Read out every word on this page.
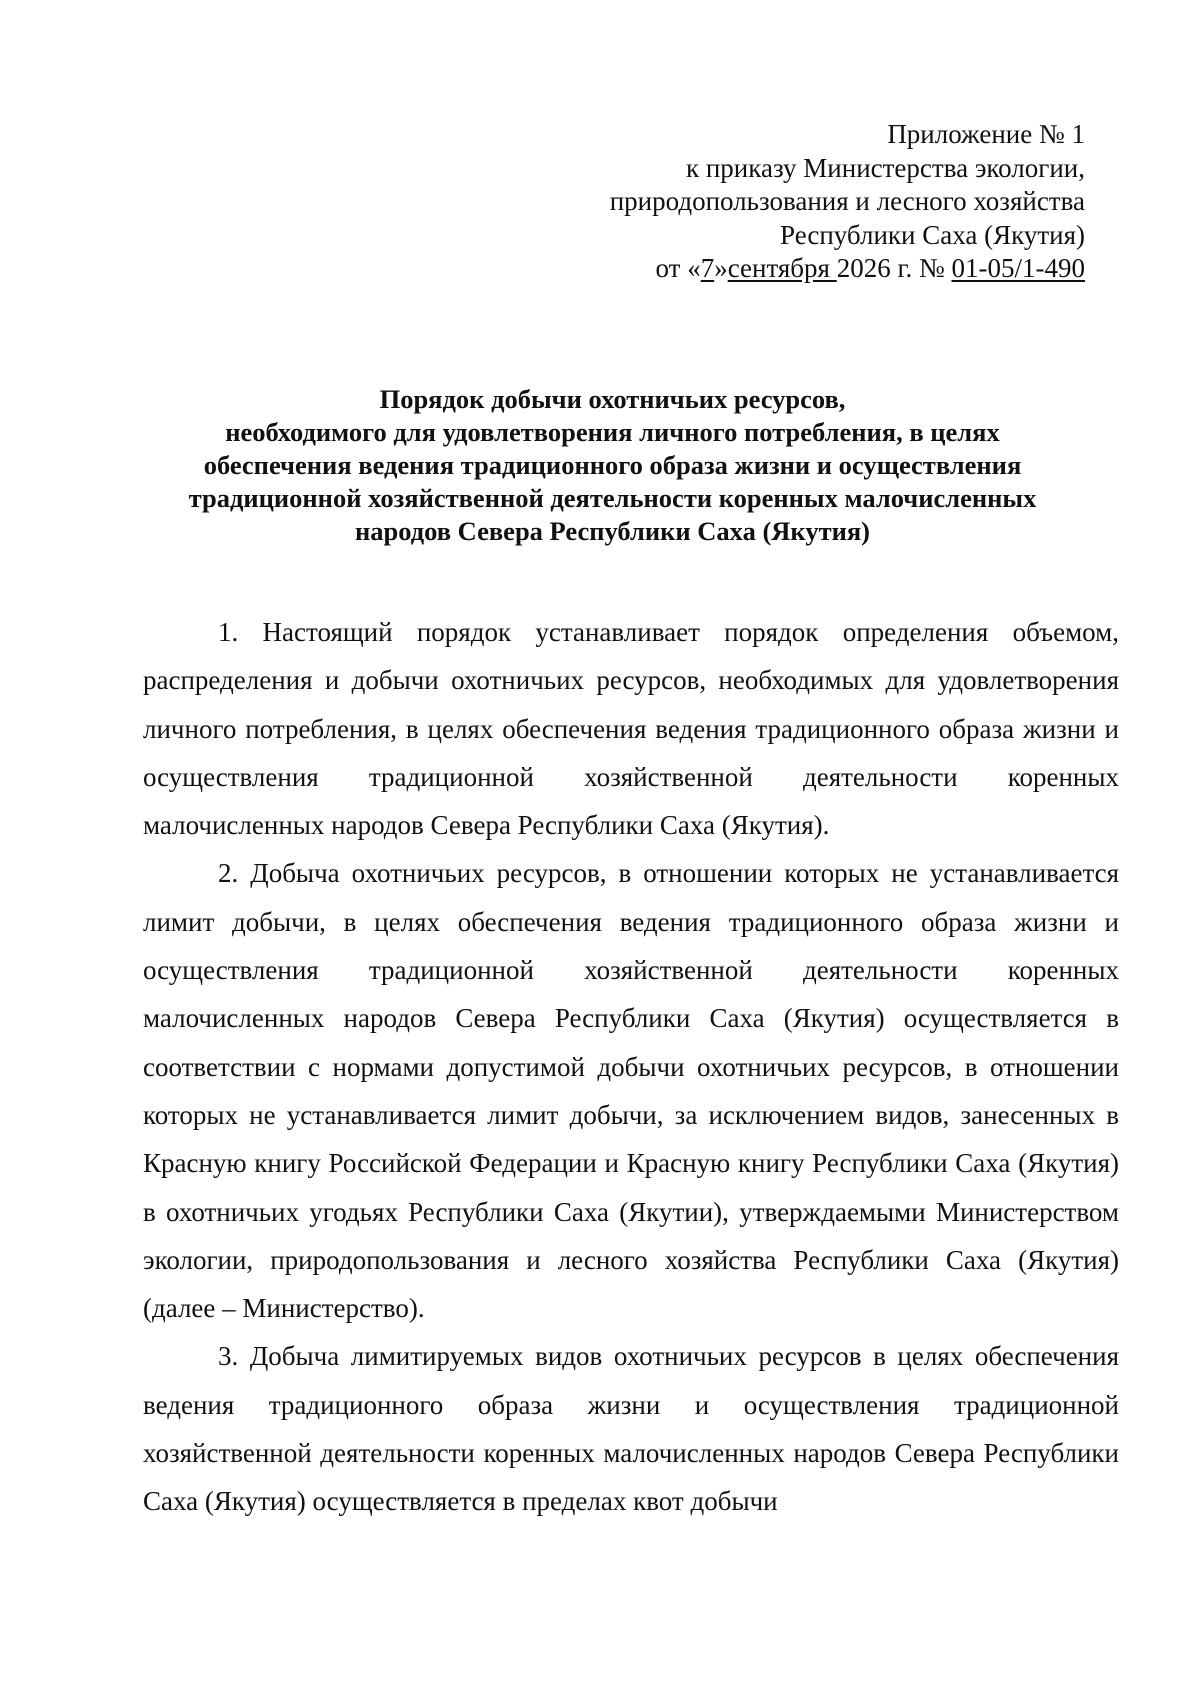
Приложение № 1
к приказу Министерства экологии,
природопользования и лесного хозяйства
Республики Саха (Якутия)
от «7»сентября 2026 г. № 01-05/1-490
Порядок добычи охотничьих ресурсов,
необходимого для удовлетворения личного потребления, в целях
обеспечения ведения традиционного образа жизни и осуществления
традиционной хозяйственной деятельности коренных малочисленных
народов Севера Республики Саха (Якутия)

1. Настоящий порядок устанавливает порядок определения объемом, распределения и добычи охотничьих ресурсов, необходимых для удовлетворения личного потребления, в целях обеспечения ведения традиционного образа жизни и осуществления традиционной хозяйственной деятельности коренных малочисленных народов Севера Республики Саха (Якутия).

2. Добыча охотничьих ресурсов, в отношении которых не устанавливается лимит добычи, в целях обеспечения ведения традиционного образа жизни и осуществления традиционной хозяйственной деятельности коренных малочисленных народов Севера Республики Саха (Якутия) осуществляется в соответствии с нормами допустимой добычи охотничьих ресурсов, в отношении которых не устанавливается лимит добычи, за исключением видов, занесенных в Красную книгу Российской Федерации и Красную книгу Республики Саха (Якутия) в охотничьих угодьях Республики Саха (Якутии), утверждаемыми Министерством экологии, природопользования и лесного хозяйства Республики Саха (Якутия) (далее – Министерство).

3. Добыча лимитируемых видов охотничьих ресурсов в целях обеспечения ведения традиционного образа жизни и осуществления традиционной хозяйственной деятельности коренных малочисленных народов Севера Республики Саха (Якутия) осуществляется в пределах квот добычи
